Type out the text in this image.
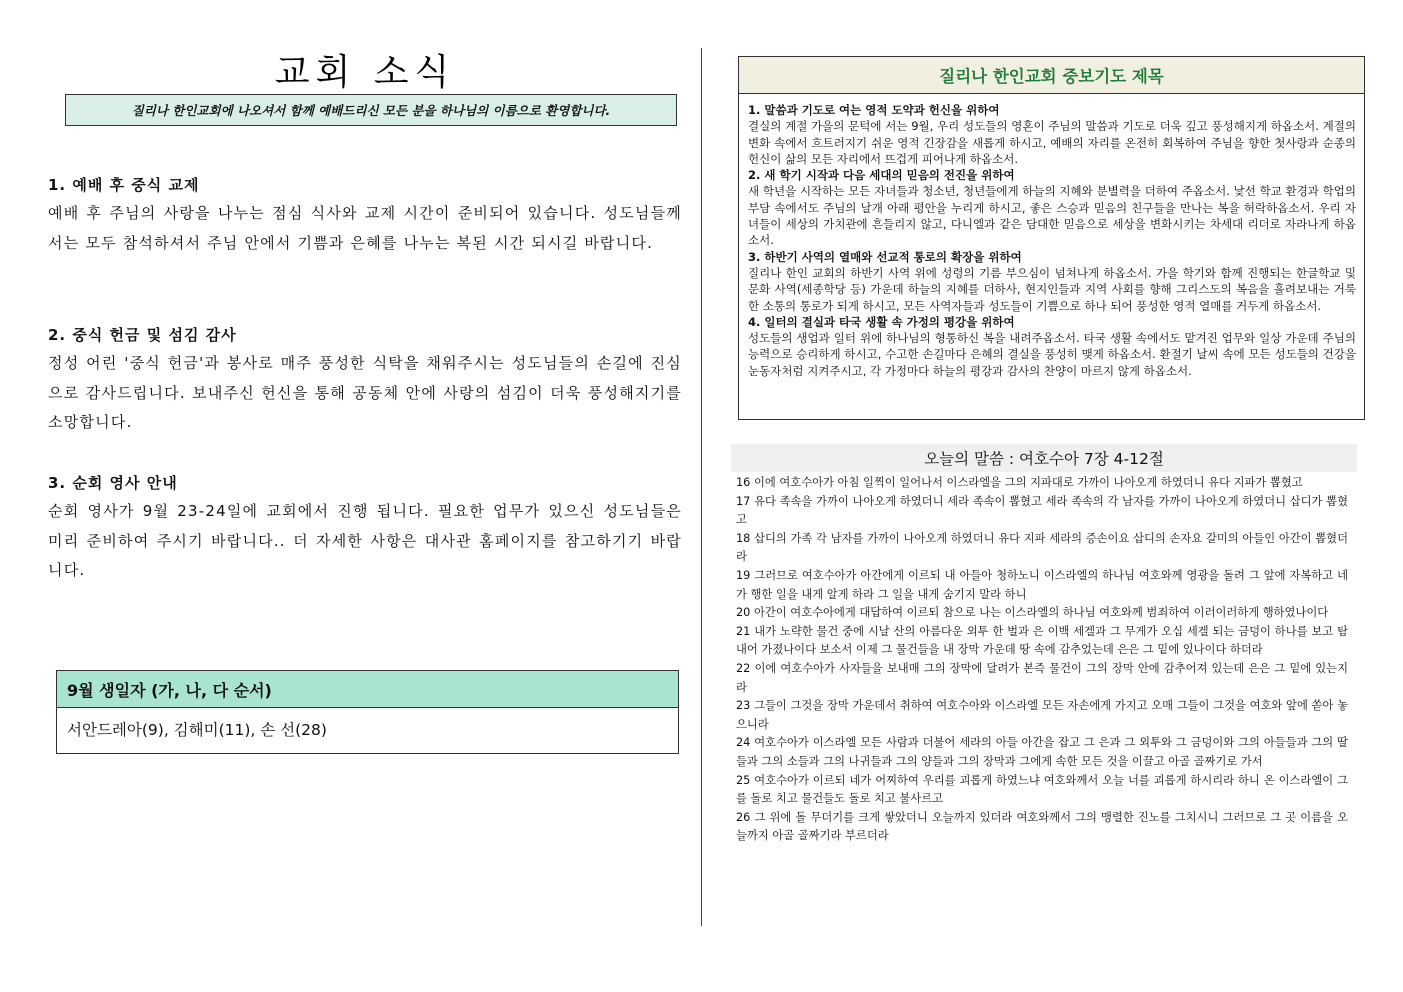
교회 소식
질리나 한인교회에 나오셔서 함께 예배드리신 모든 분을 하나님의 이름으로 환영합니다.
1. 예배 후 중식 교제
예배 후 주님의 사랑을 나누는 점심 식사와 교제 시간이 준비되어 있습니다. 성도님들께서는 모두 참석하셔서 주님 안에서 기쁨과 은혜를 나누는 복된 시간 되시길 바랍니다.
2. 중식 헌금 및 섬김 감사
정성 어린 '중식 헌금'과 봉사로 매주 풍성한 식탁을 채워주시는 성도님들의 손길에 진심으로 감사드립니다. 보내주신 헌신을 통해 공동체 안에 사랑의 섬김이 더욱 풍성해지기를 소망합니다.
3. 순회 영사 안내
순회 영사가 9월 23-24일에 교회에서 진행 됩니다. 필요한 업무가 있으신 성도님들은 미리 준비하여 주시기 바랍니다.. 더 자세한 사항은 대사관 홈페이지를 참고하기기 바랍니다.
9월 생일자 (가, 나, 다 순서)
서안드레아(9), 김해미(11), 손 선(28)
질리나 한인교회 중보기도 제목
1. 말씀과 기도로 여는 영적 도약과 헌신을 위하여
결실의 계절 가을의 문턱에 서는 9월, 우리 성도들의 영혼이 주님의 말씀과 기도로 더욱 깊고 풍성해지게 하옵소서. 계절의 변화 속에서 흐트러지기 쉬운 영적 긴장감을 새롭게 하시고, 예배의 자리를 온전히 회복하여 주님을 향한 첫사랑과 순종의 헌신이 삶의 모든 자리에서 뜨겁게 피어나게 하옵소서.
2. 새 학기 시작과 다음 세대의 믿음의 전진을 위하여
새 학년을 시작하는 모든 자녀들과 청소년, 청년들에게 하늘의 지혜와 분별력을 더하여 주옵소서. 낯선 학교 환경과 학업의 부담 속에서도 주님의 날개 아래 평안을 누리게 하시고, 좋은 스승과 믿음의 친구들을 만나는 복을 허락하옵소서. 우리 자녀들이 세상의 가치관에 흔들리지 않고, 다니엘과 같은 담대한 믿음으로 세상을 변화시키는 차세대 리더로 자라나게 하옵소서.
3. 하반기 사역의 열매와 선교적 통로의 확장을 위하여
질리나 한인 교회의 하반기 사역 위에 성령의 기름 부으심이 넘쳐나게 하옵소서. 가을 학기와 함께 진행되는 한글학교 및 문화 사역(세종학당 등) 가운데 하늘의 지혜를 더하사, 현지인들과 지역 사회를 향해 그리스도의 복음을 흘려보내는 거룩한 소통의 통로가 되게 하시고, 모든 사역자들과 성도들이 기쁨으로 하나 되어 풍성한 영적 열매를 거두게 하옵소서.
4. 일터의 결실과 타국 생활 속 가정의 평강을 위하여
성도들의 생업과 일터 위에 하나님의 형통하신 복을 내려주옵소서. 타국 생활 속에서도 맡겨진 업무와 일상 가운데 주님의 능력으로 승리하게 하시고, 수고한 손길마다 은혜의 결실을 풍성히 맺게 하옵소서. 환절기 날씨 속에 모든 성도들의 건강을 눈동자처럼 지켜주시고, 각 가정마다 하늘의 평강과 감사의 찬양이 마르지 않게 하옵소서.
오늘의 말씀 : 여호수아 7장 4-12절
16 이에 여호수아가 아침 일찍이 일어나서 이스라엘을 그의 지파대로 가까이 나아오게 하였더니 유다 지파가 뽑혔고
17 유다 족속을 가까이 나아오게 하였더니 세라 족속이 뽑혔고 세라 족속의 각 남자를 가까이 나아오게 하였더니 삽디가 뽑혔고
18 삽디의 가족 각 남자를 가까이 나아오게 하였더니 유다 지파 세라의 증손이요 삽디의 손자요 갈미의 아들인 아간이 뽑혔더라
19 그러므로 여호수아가 아간에게 이르되 내 아들아 청하노니 이스라엘의 하나님 여호와께 영광을 돌려 그 앞에 자복하고 네가 행한 일을 내게 알게 하라 그 일을 내게 숨기지 말라 하니
20 아간이 여호수아에게 대답하여 이르되 참으로 나는 이스라엘의 하나님 여호와께 범죄하여 이러이러하게 행하였나이다
21 내가 노략한 물건 중에 시날 산의 아름다운 외투 한 벌과 은 이백 세겔과 그 무게가 오십 세겔 되는 금덩이 하나를 보고 탐내어 가졌나이다 보소서 이제 그 물건들을 내 장막 가운데 땅 속에 감추었는데 은은 그 밑에 있나이다 하더라
22 이에 여호수아가 사자들을 보내매 그의 장막에 달려가 본즉 물건이 그의 장막 안에 감추어져 있는데 은은 그 밑에 있는지라
23 그들이 그것을 장막 가운데서 취하여 여호수아와 이스라엘 모든 자손에게 가지고 오매 그들이 그것을 여호와 앞에 쏟아 놓으니라
24 여호수아가 이스라엘 모든 사람과 더불어 세라의 아들 아간을 잡고 그 은과 그 외투와 그 금덩이와 그의 아들들과 그의 딸들과 그의 소들과 그의 나귀들과 그의 양들과 그의 장막과 그에게 속한 모든 것을 이끌고 아골 골짜기로 가서
25 여호수아가 이르되 네가 어찌하여 우리를 괴롭게 하였느냐 여호와께서 오늘 너를 괴롭게 하시리라 하니 온 이스라엘이 그를 돌로 치고 물건들도 돌로 치고 불사르고
26 그 위에 돌 무더기를 크게 쌓았더니 오늘까지 있더라 여호와께서 그의 맹렬한 진노를 그치시니 그러므로 그 곳 이름을 오늘까지 아골 골짜기라 부르더라
